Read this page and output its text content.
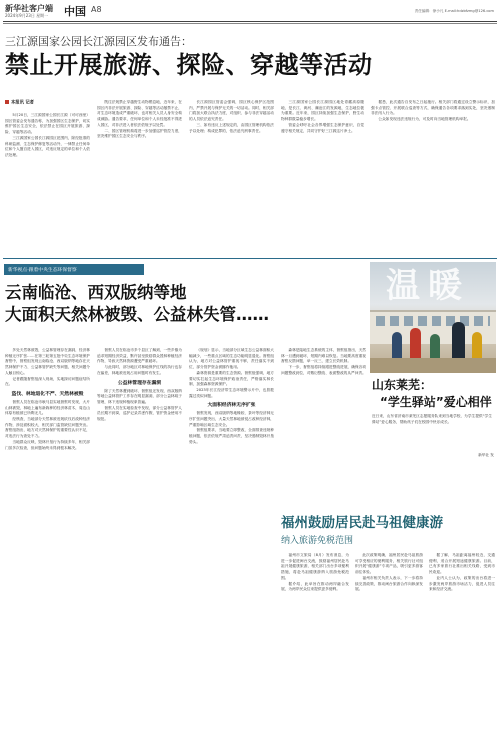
新华社客户端
2024年9月23日 星期一 中国 A8	责任编辑：徐小凡 E-mail:hdzbfzmg@126.com
三江源国家公园长江源园区发布通告：
禁止开展旅游、探险、穿越等活动
本报讯 记者

5月20日，三江源国家公园长江源（可可西里）园区管委会发布通告称，为加强园区生态保护，切实维护园区生态安全，依法禁止在园区开展旅游、探险、穿越等活动。

三江源国家公园长江源园区范围内，除经批准的科研监测、生态保护修复等活动外，一律禁止任何单位和个人擅自进入园区，对违反规定的单位和个人依法处理。

既往法规禁止穿越野生动物栖息地，近年来，在园区内非法开展旅游、探险、穿越等活动屡禁不止，对生态环境造成严重破坏，也对相关人员人身安全构成威胁。通告要求，任何单位和个人未经批准不得进入园区，对非法进入者依法依规予以处罚。

二、园区管理机构将进一步加强巡护管控力度，坚决维护园区生态安全与秩序。

长江源园区管委会强调，园区核心保护区范围内，严禁开展与保护无关的一切活动。同时，相关部门将加大联合执法力度，对组织、参与非法穿越活动的人员依法追究责任。

三、如有违反上述规定的，由园区管理机构依法予以处理；构成犯罪的，依法追究刑事责任。

三江源国家公园长江源园区地处青藏高原腹地，是长江、黄河、澜沧江的发源地，生态地位极为重要。近年来，园区持续加强生态保护，野生动物种群数量稳步增长。

管委会呼吁社会各界增强生态保护意识，自觉遵守相关规定，共同守护好三江源这片净土。

据悉，此次通告自发布之日起施行。相关部门将通过设立警示标识、加强卡点管控、开展联合巡查等方式，确保通告各项要求落到实处，坚决遏制非法闯入行为。

公众如发现违法违规行为，可及时向当地管理机构举报。

新华视点·跟着中央生态环保督察
云南临沧、西双版纳等地
大面积天然林被毁、公益林失管……

多处天然林被毁，公益林管理存在漏洞，经济林种植无序扩张……在第三轮第五批中央生态环境保护督察中，督察组发现云南临沧、西双版纳等地存在天然林保护不力、公益林管护缺失等问题，相关问题令人触目惊心。

记者跟随督察组深入现场，实地探访问题症结所在。

盗伐、林地退化不严、天然林被毁

督察人员在临沧市耿马县实地督察时发现，大片山林被毁，林地上遍布新栽种的经济林苗木，周边山体原有植被已所剩无几。

经核查，当地部分天然林被违规砍伐后改种经济作物，涉及面积较大，相关部门监管缺位问题突出。督察组指出，地方对天然林保护的重要性认识不足，对违法行为查处不力。

当地群众反映，毁林开垦行为持续多年，相关部门虽多次检查，但问题始终未得到根本解决。

督察人员在临沧市多个县区了解到，一些乡镇为追求短期经济效益，默许甚至鼓励群众毁林种植经济作物，导致天然林资源遭受严重破坏。

与此同时，部分地区对林地保护红线的执行也存在偏差，林地被违规占用问题时有发生。

公益林管理存在漏洞

除了天然林遭到破坏，督察组还发现，西双版纳等地公益林管护工作存在明显漏洞，部分公益林疏于管理，林下违规种植现象普遍。

督察人员在实地检查中发现，部分公益林管护人员长期不到岗，巡护记录弄虚作假，管护资金使用不规范。

《规划》显示，当地部分区域生态公益林面积大幅减少，一些重点区域的生态功能明显退化。督察组认为，地方对公益林管护重视不够，责任落实不到位，部分管护资金被挪作他用。

森林资源是重要的生态资源。督察组强调，地方要切实扛起生态环境保护政治责任，严格落实林长制，加强森林资源保护。

2023年长江经济带生态环境警示片中，也曾披露过类似问题。

大面积经济林无序扩张

督察发现，西双版纳等地橡胶、茶叶等经济林无序扩张问题突出，大量天然林地被侵占改种经济林，严重影响区域生态安全。

督察组要求，当地要立即整改，全面排查违规种植问题，依法依规严肃追责问责，坚决遏制毁林开垦势头。

森林是陆地生态系统的主体，督察组指出，天然林一旦遭到破坏，短期内难以恢复。当地要高度重视督察反馈问题，举一反三，建立长效机制。

下一步，督察组将持续跟进整改进展，确保各项问题整改到位，对敷衍整改、表面整改的从严问责。

温暖
山东莱芜：
“学生驿站”爱心相伴
近日来，山东省济南市莱芜区志愿服务队来到当地学校，为学生提供“学生驿站”爱心服务，帮助孩子们在校园中快乐成长。
新华社 发
福州鼓励居民赴马祖健康游
纳入旅游免税范围

福州市文旅局（8月）发布消息，为进一步促进闽台交流，鼓励福州居民赴马祖开展健康旅游，相关部门出台多项便利措施，将赴马祖健康游纳入旅游免税范围。

据介绍，此举旨在推动两岸融合发展，为两岸民众往来提供更多便利。

此次政策明确，福州居民赴马祖旅游可享受相应的便利服务，相关旅行社可组织开展“健康游”专项产品，吸引更多游客前往体验。

福州市相关负责人表示，下一步将持续完善政策，推动闽台旅游合作向纵深发展。

据了解，马祖距离福州较近，交通便利，适合开展短途健康旅游。目前，已有多家旅行社推出相关线路，受到市民欢迎。

业内人士认为，政策的出台将进一步激发两岸旅游市场活力，促进人员往来和经济交流。
